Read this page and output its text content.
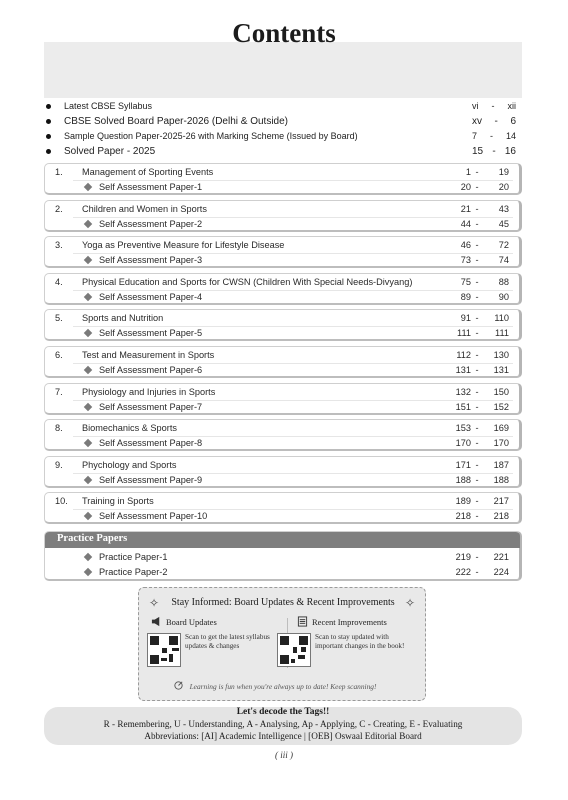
Contents
Latest CBSE Syllabus	vi - xii
CBSE Solved Board Paper-2026 (Delhi & Outside)	xv - 6
Sample Question Paper-2025-26 with Marking Scheme (Issued by Board)	7 - 14
Solved Paper - 2025	15 - 16
1.	Management of Sporting Events	1 -	19
Self Assessment Paper-1	20 -	20
2.	Children and Women in Sports	21 -	43
Self Assessment Paper-2	44 -	45
3.	Yoga as Preventive Measure for Lifestyle Disease	46 -	72
Self Assessment Paper-3	73 -	74
4.	Physical Education and Sports for CWSN (Children With Special Needs-Divyang)	75 -	88
Self Assessment Paper-4	89 -	90
5.	Sports and Nutrition	91 -	110
Self Assessment Paper-5	111 -	111
6.	Test and Measurement in Sports	112 -	130
Self Assessment Paper-6	131 -	131
7.	Physiology and Injuries in Sports	132 -	150
Self Assessment Paper-7	151 -	152
8.	Biomechanics & Sports	153 -	169
Self Assessment Paper-8	170 -	170
9.	Phychology and Sports	171 -	187
Self Assessment Paper-9	188 -	188
10.	Training in Sports	189 -	217
Self Assessment Paper-10	218 -	218
Practice Papers
Practice Paper-1	219 -	221
Practice Paper-2	222 -	224
✧	✧
Stay Informed: Board Updates & Recent Improvements
Board Updates	Recent Improvements
Scan to get the latest syllabus updates & changes
Scan to stay updated with important changes in the book!
Learning is fun when you're always up to date! Keep scanning!
Let's decode the Tags!!
R - Remembering, U - Understanding, A - Analysing, Ap - Applying, C - Creating, E - Evaluating
Abbreviations: [AI] Academic Intelligence | [OEB] Oswaal Editorial Board
( iii )
